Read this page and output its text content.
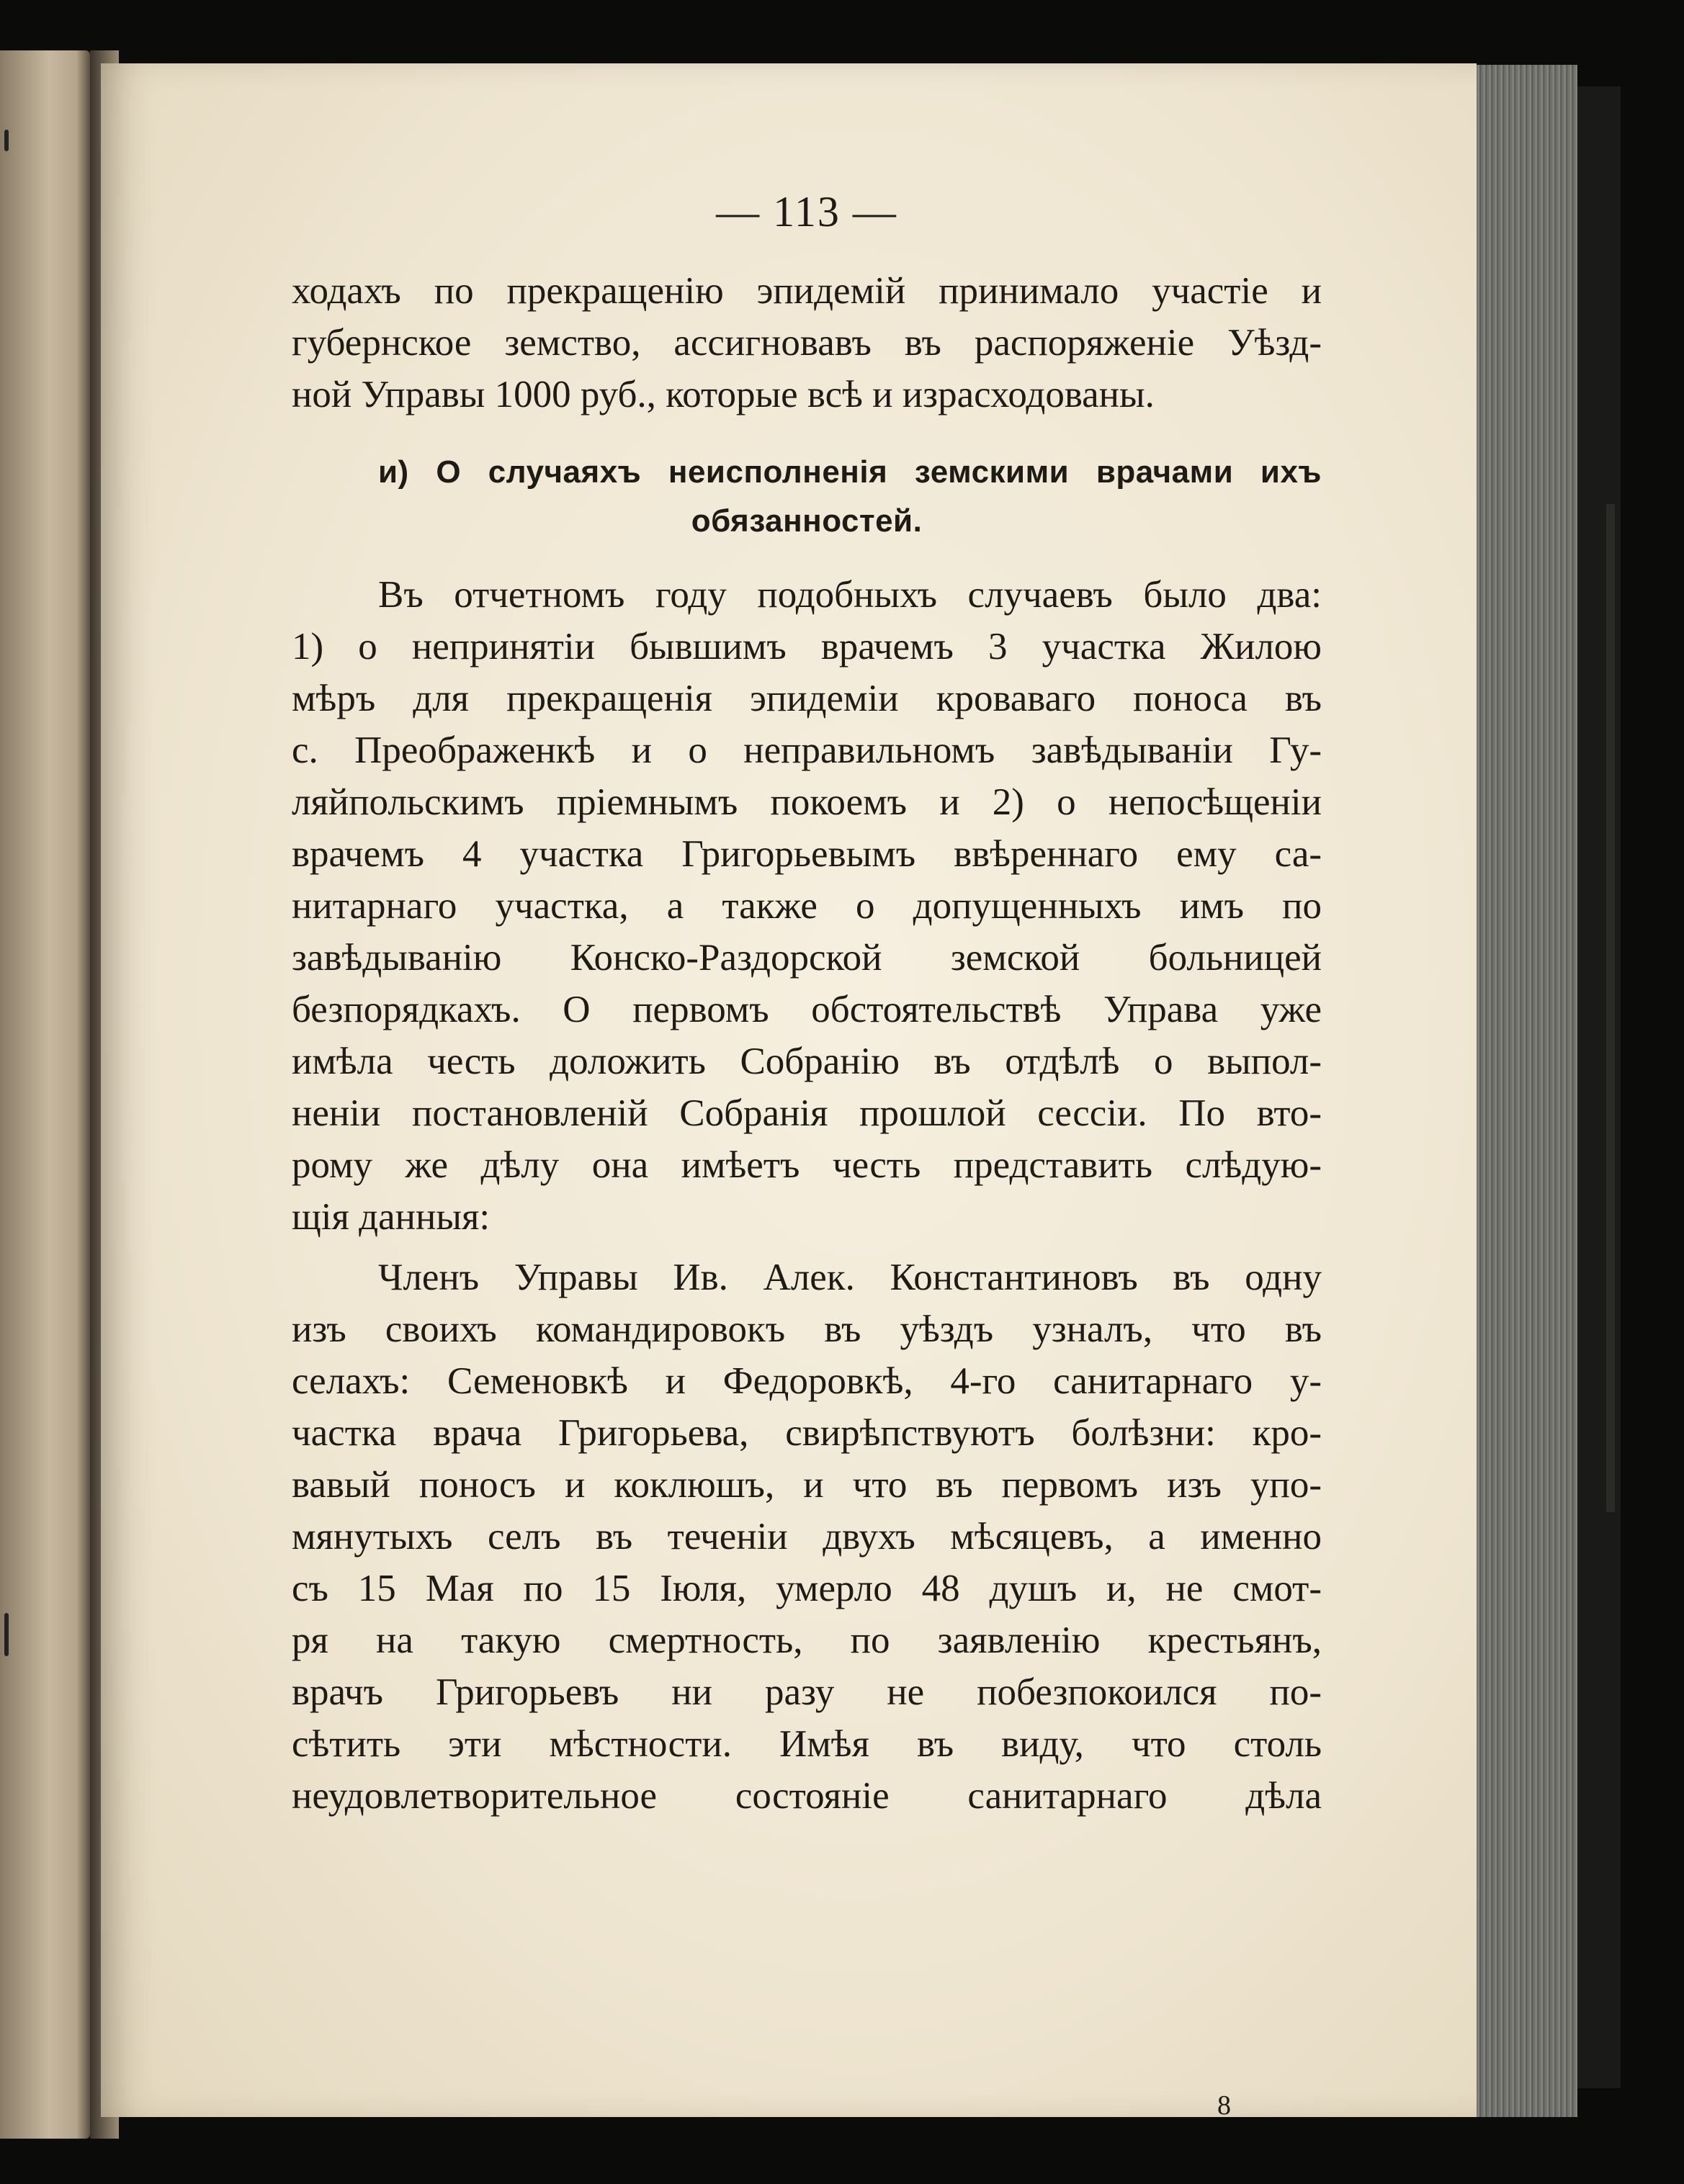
— 113 —
ходахъ по прекращенію эпидемій принимало участіе и
губернское земство, ассигновавъ въ распоряженіе Уѣзд-
ной Управы 1000 руб., которые всѣ и израсходованы.
и) О случаяхъ неисполненія земскими врачами ихъ
обязанностей.
Въ отчетномъ году подобныхъ случаевъ было два:
1) о непринятіи бывшимъ врачемъ 3 участка Жилою
мѣръ для прекращенія эпидеміи кроваваго поноса въ
с. Преображенкѣ и о неправильномъ завѣдываніи Гу-
ляйпольскимъ пріемнымъ покоемъ и 2) о непосѣщеніи
врачемъ 4 участка Григорьевымъ ввѣреннаго ему са-
нитарнаго участка, а также о допущенныхъ имъ по
завѣдыванію Конско-Раздорской земской больницей
безпорядкахъ. О первомъ обстоятельствѣ Управа уже
имѣла честь доложить Собранію въ отдѣлѣ о выпол-
неніи постановленій Собранія прошлой сессіи. По вто-
рому же дѣлу она имѣетъ честь представить слѣдую-
щія данныя:
Членъ Управы Ив. Алек. Константиновъ въ одну
изъ своихъ командировокъ въ уѣздъ узналъ, что въ
селахъ: Семеновкѣ и Федоровкѣ, 4-го санитарнаго у-
частка врача Григорьева, свирѣпствуютъ болѣзни: кро-
вавый поносъ и коклюшъ, и что въ первомъ изъ упо-
мянутыхъ селъ въ теченіи двухъ мѣсяцевъ, а именно
съ 15 Мая по 15 Іюля, умерло 48 душъ и, не смот-
ря на такую смертность, по заявленію крестьянъ,
врачъ Григорьевъ ни разу не побезпокоился по-
сѣтить эти мѣстности. Имѣя въ виду, что столь
неудовлетворительное состояніе санитарнаго дѣла
8
